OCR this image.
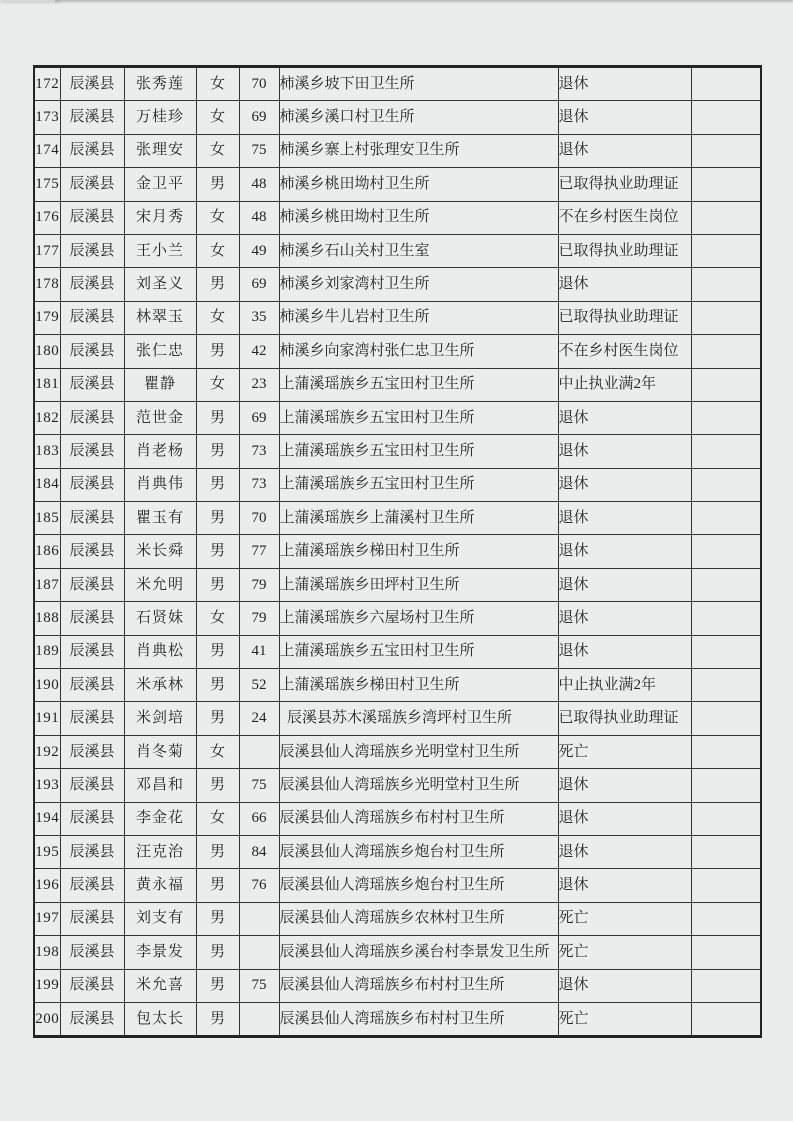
172	辰溪县	张秀莲	女	70	柿溪乡坡下田卫生所	退休	
173	辰溪县	万桂珍	女	69	柿溪乡溪口村卫生所	退休	
174	辰溪县	张理安	女	75	柿溪乡寨上村张理安卫生所	退休	
175	辰溪县	金卫平	男	48	柿溪乡桃田坳村卫生所	已取得执业助理证	
176	辰溪县	宋月秀	女	48	柿溪乡桃田坳村卫生所	不在乡村医生岗位	
177	辰溪县	王小兰	女	49	柿溪乡石山关村卫生室	已取得执业助理证	
178	辰溪县	刘圣义	男	69	柿溪乡刘家湾村卫生所	退休	
179	辰溪县	林翠玉	女	35	柿溪乡牛儿岩村卫生所	已取得执业助理证	
180	辰溪县	张仁忠	男	42	柿溪乡向家湾村张仁忠卫生所	不在乡村医生岗位	
181	辰溪县	瞿静	女	23	上蒲溪瑶族乡五宝田村卫生所	中止执业满2年	
182	辰溪县	范世金	男	69	上蒲溪瑶族乡五宝田村卫生所	退休	
183	辰溪县	肖老杨	男	73	上蒲溪瑶族乡五宝田村卫生所	退休	
184	辰溪县	肖典伟	男	73	上蒲溪瑶族乡五宝田村卫生所	退休	
185	辰溪县	瞿玉有	男	70	上蒲溪瑶族乡上蒲溪村卫生所	退休	
186	辰溪县	米长舜	男	77	上蒲溪瑶族乡梯田村卫生所	退休	
187	辰溪县	米允明	男	79	上蒲溪瑶族乡田坪村卫生所	退休	
188	辰溪县	石贤妹	女	79	上蒲溪瑶族乡六屋场村卫生所	退休	
189	辰溪县	肖典松	男	41	上蒲溪瑶族乡五宝田村卫生所	退休	
190	辰溪县	米承林	男	52	上蒲溪瑶族乡梯田村卫生所	中止执业满2年	
191	辰溪县	米剑培	男	24	辰溪县苏木溪瑶族乡湾坪村卫生所	已取得执业助理证	
192	辰溪县	肖冬菊	女		辰溪县仙人湾瑶族乡光明堂村卫生所	死亡	
193	辰溪县	邓昌和	男	75	辰溪县仙人湾瑶族乡光明堂村卫生所	退休	
194	辰溪县	李金花	女	66	辰溪县仙人湾瑶族乡布村村卫生所	退休	
195	辰溪县	汪克治	男	84	辰溪县仙人湾瑶族乡炮台村卫生所	退休	
196	辰溪县	黄永福	男	76	辰溪县仙人湾瑶族乡炮台村卫生所	退休	
197	辰溪县	刘支有	男		辰溪县仙人湾瑶族乡农林村卫生所	死亡	
198	辰溪县	李景发	男		辰溪县仙人湾瑶族乡溪台村李景发卫生所	死亡	
199	辰溪县	米允喜	男	75	辰溪县仙人湾瑶族乡布村村卫生所	退休	
200	辰溪县	包太长	男		辰溪县仙人湾瑶族乡布村村卫生所	死亡	
